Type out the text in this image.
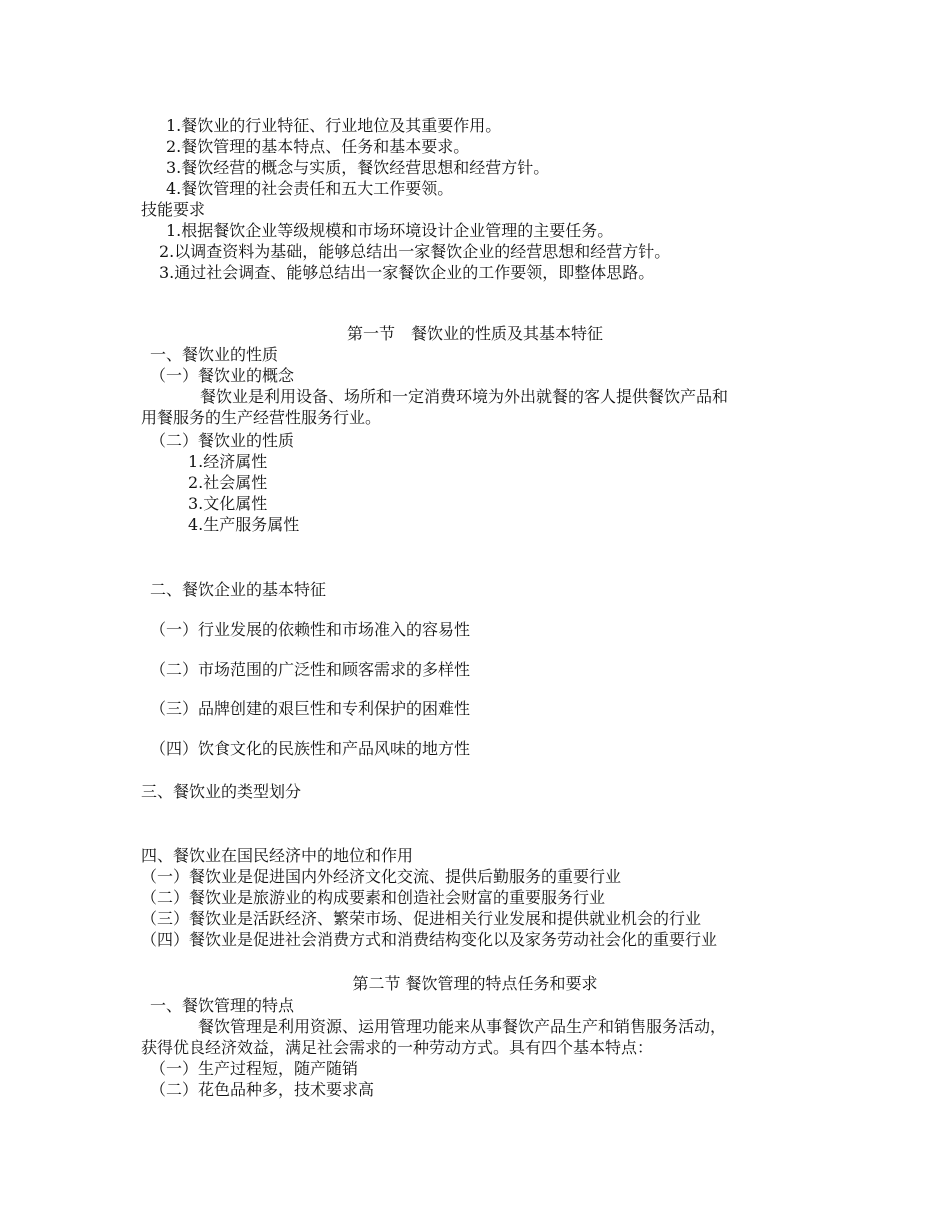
1.餐饮业的行业特征、行业地位及其重要作用。
2.餐饮管理的基本特点、任务和基本要求。
3.餐饮经营的概念与实质，餐饮经营思想和经营方针。
4.餐饮管理的社会责任和五大工作要领。
技能要求
1.根据餐饮企业等级规模和市场环境设计企业管理的主要任务。
2.以调查资料为基础，能够总结出一家餐饮企业的经营思想和经营方针。
3.通过社会调查、能够总结出一家餐饮企业的工作要领，即整体思路。
第一节　餐饮业的性质及其基本特征
一、餐饮业的性质
（一）餐饮业的概念
餐饮业是利用设备、场所和一定消费环境为外出就餐的客人提供餐饮产品和
用餐服务的生产经营性服务行业。
（二）餐饮业的性质
1.经济属性
2.社会属性
3.文化属性
4.生产服务属性
二、餐饮企业的基本特征
（一）行业发展的依赖性和市场准入的容易性
（二）市场范围的广泛性和顾客需求的多样性
（三）品牌创建的艰巨性和专利保护的困难性
（四）饮食文化的民族性和产品风味的地方性
三、餐饮业的类型划分
四、餐饮业在国民经济中的地位和作用
（一）餐饮业是促进国内外经济文化交流、提供后勤服务的重要行业
（二）餐饮业是旅游业的构成要素和创造社会财富的重要服务行业
（三）餐饮业是活跃经济、繁荣市场、促进相关行业发展和提供就业机会的行业
（四）餐饮业是促进社会消费方式和消费结构变化以及家务劳动社会化的重要行业
第二节 餐饮管理的特点任务和要求
一、餐饮管理的特点
餐饮管理是利用资源、运用管理功能来从事餐饮产品生产和销售服务活动，
获得优良经济效益，满足社会需求的一种劳动方式。具有四个基本特点：
（一）生产过程短，随产随销
（二）花色品种多，技术要求高
